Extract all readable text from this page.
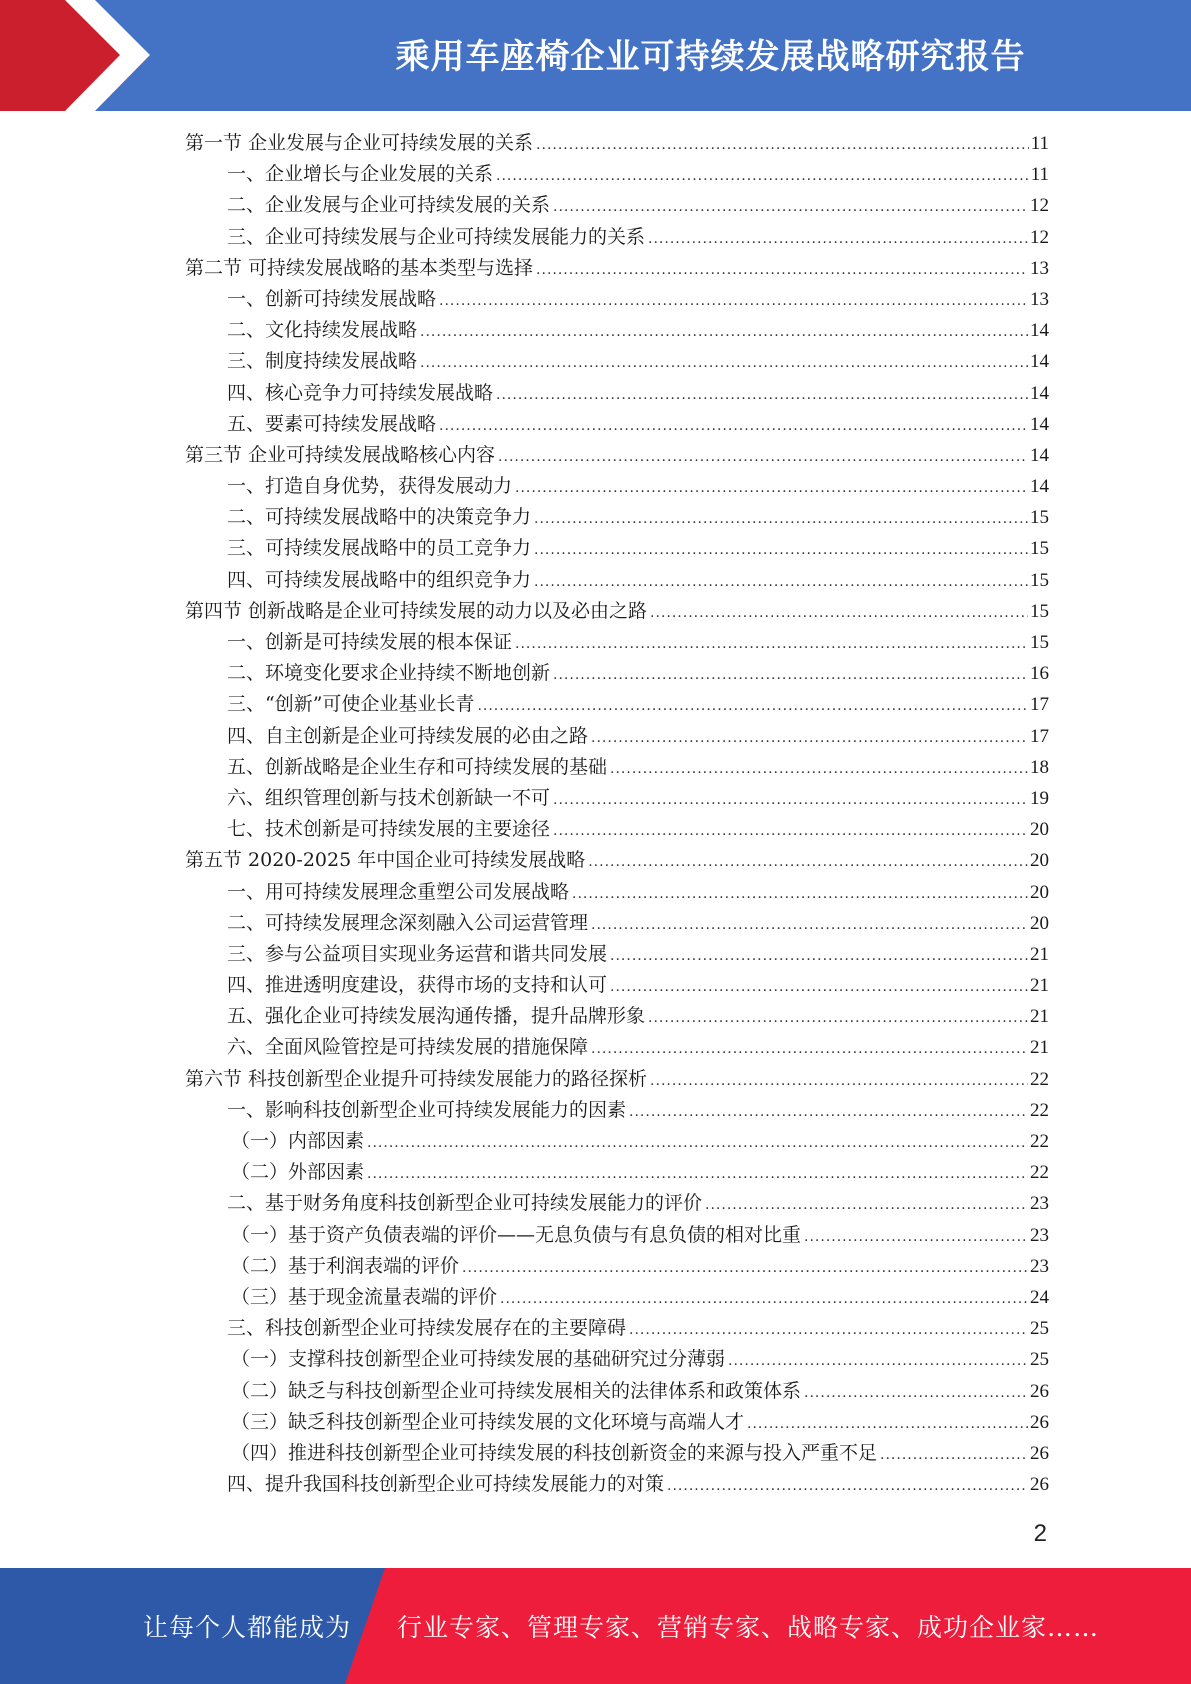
乘用车座椅企业可持续发展战略研究报告
第一节 企业发展与企业可持续发展的关系 .....	11
一、企业增长与企业发展的关系 .....	11
二、企业发展与企业可持续发展的关系 .....	12
三、企业可持续发展与企业可持续发展能力的关系 .....	12
第二节 可持续发展战略的基本类型与选择 .....	13
一、创新可持续发展战略 .....	13
二、文化持续发展战略 .....	14
三、制度持续发展战略 .....	14
四、核心竞争力可持续发展战略 .....	14
五、要素可持续发展战略 .....	14
第三节 企业可持续发展战略核心内容 .....	14
一、打造自身优势，获得发展动力 .....	14
二、可持续发展战略中的决策竞争力 .....	15
三、可持续发展战略中的员工竞争力 .....	15
四、可持续发展战略中的组织竞争力 .....	15
第四节 创新战略是企业可持续发展的动力以及必由之路 .....	15
一、创新是可持续发展的根本保证 .....	15
二、环境变化要求企业持续不断地创新 .....	16
三、“创新”可使企业基业长青 .....	17
四、自主创新是企业可持续发展的必由之路 .....	17
五、创新战略是企业生存和可持续发展的基础 .....	18
六、组织管理创新与技术创新缺一不可 .....	19
七、技术创新是可持续发展的主要途径 .....	20
第五节 2020-2025 年中国企业可持续发展战略 .....	20
一、用可持续发展理念重塑公司发展战略 .....	20
二、可持续发展理念深刻融入公司运营管理 .....	20
三、参与公益项目实现业务运营和谐共同发展 .....	21
四、推进透明度建设，获得市场的支持和认可 .....	21
五、强化企业可持续发展沟通传播，提升品牌形象 .....	21
六、全面风险管控是可持续发展的措施保障 .....	21
第六节 科技创新型企业提升可持续发展能力的路径探析 .....	22
一、影响科技创新型企业可持续发展能力的因素 .....	22
（一）内部因素 .....	22
（二）外部因素 .....	22
二、基于财务角度科技创新型企业可持续发展能力的评价 .....	23
（一）基于资产负债表端的评价——无息负债与有息负债的相对比重 .....	23
（二）基于利润表端的评价 .....	23
（三）基于现金流量表端的评价 .....	24
三、科技创新型企业可持续发展存在的主要障碍 .....	25
（一）支撑科技创新型企业可持续发展的基础研究过分薄弱 .....	25
（二）缺乏与科技创新型企业可持续发展相关的法律体系和政策体系 .....	26
（三）缺乏科技创新型企业可持续发展的文化环境与高端人才 .....	26
（四）推进科技创新型企业可持续发展的科技创新资金的来源与投入严重不足 .....	26
四、提升我国科技创新型企业可持续发展能力的对策 .....	26
2
让每个人都能成为 行业专家、管理专家、营销专家、战略专家、成功企业家……
